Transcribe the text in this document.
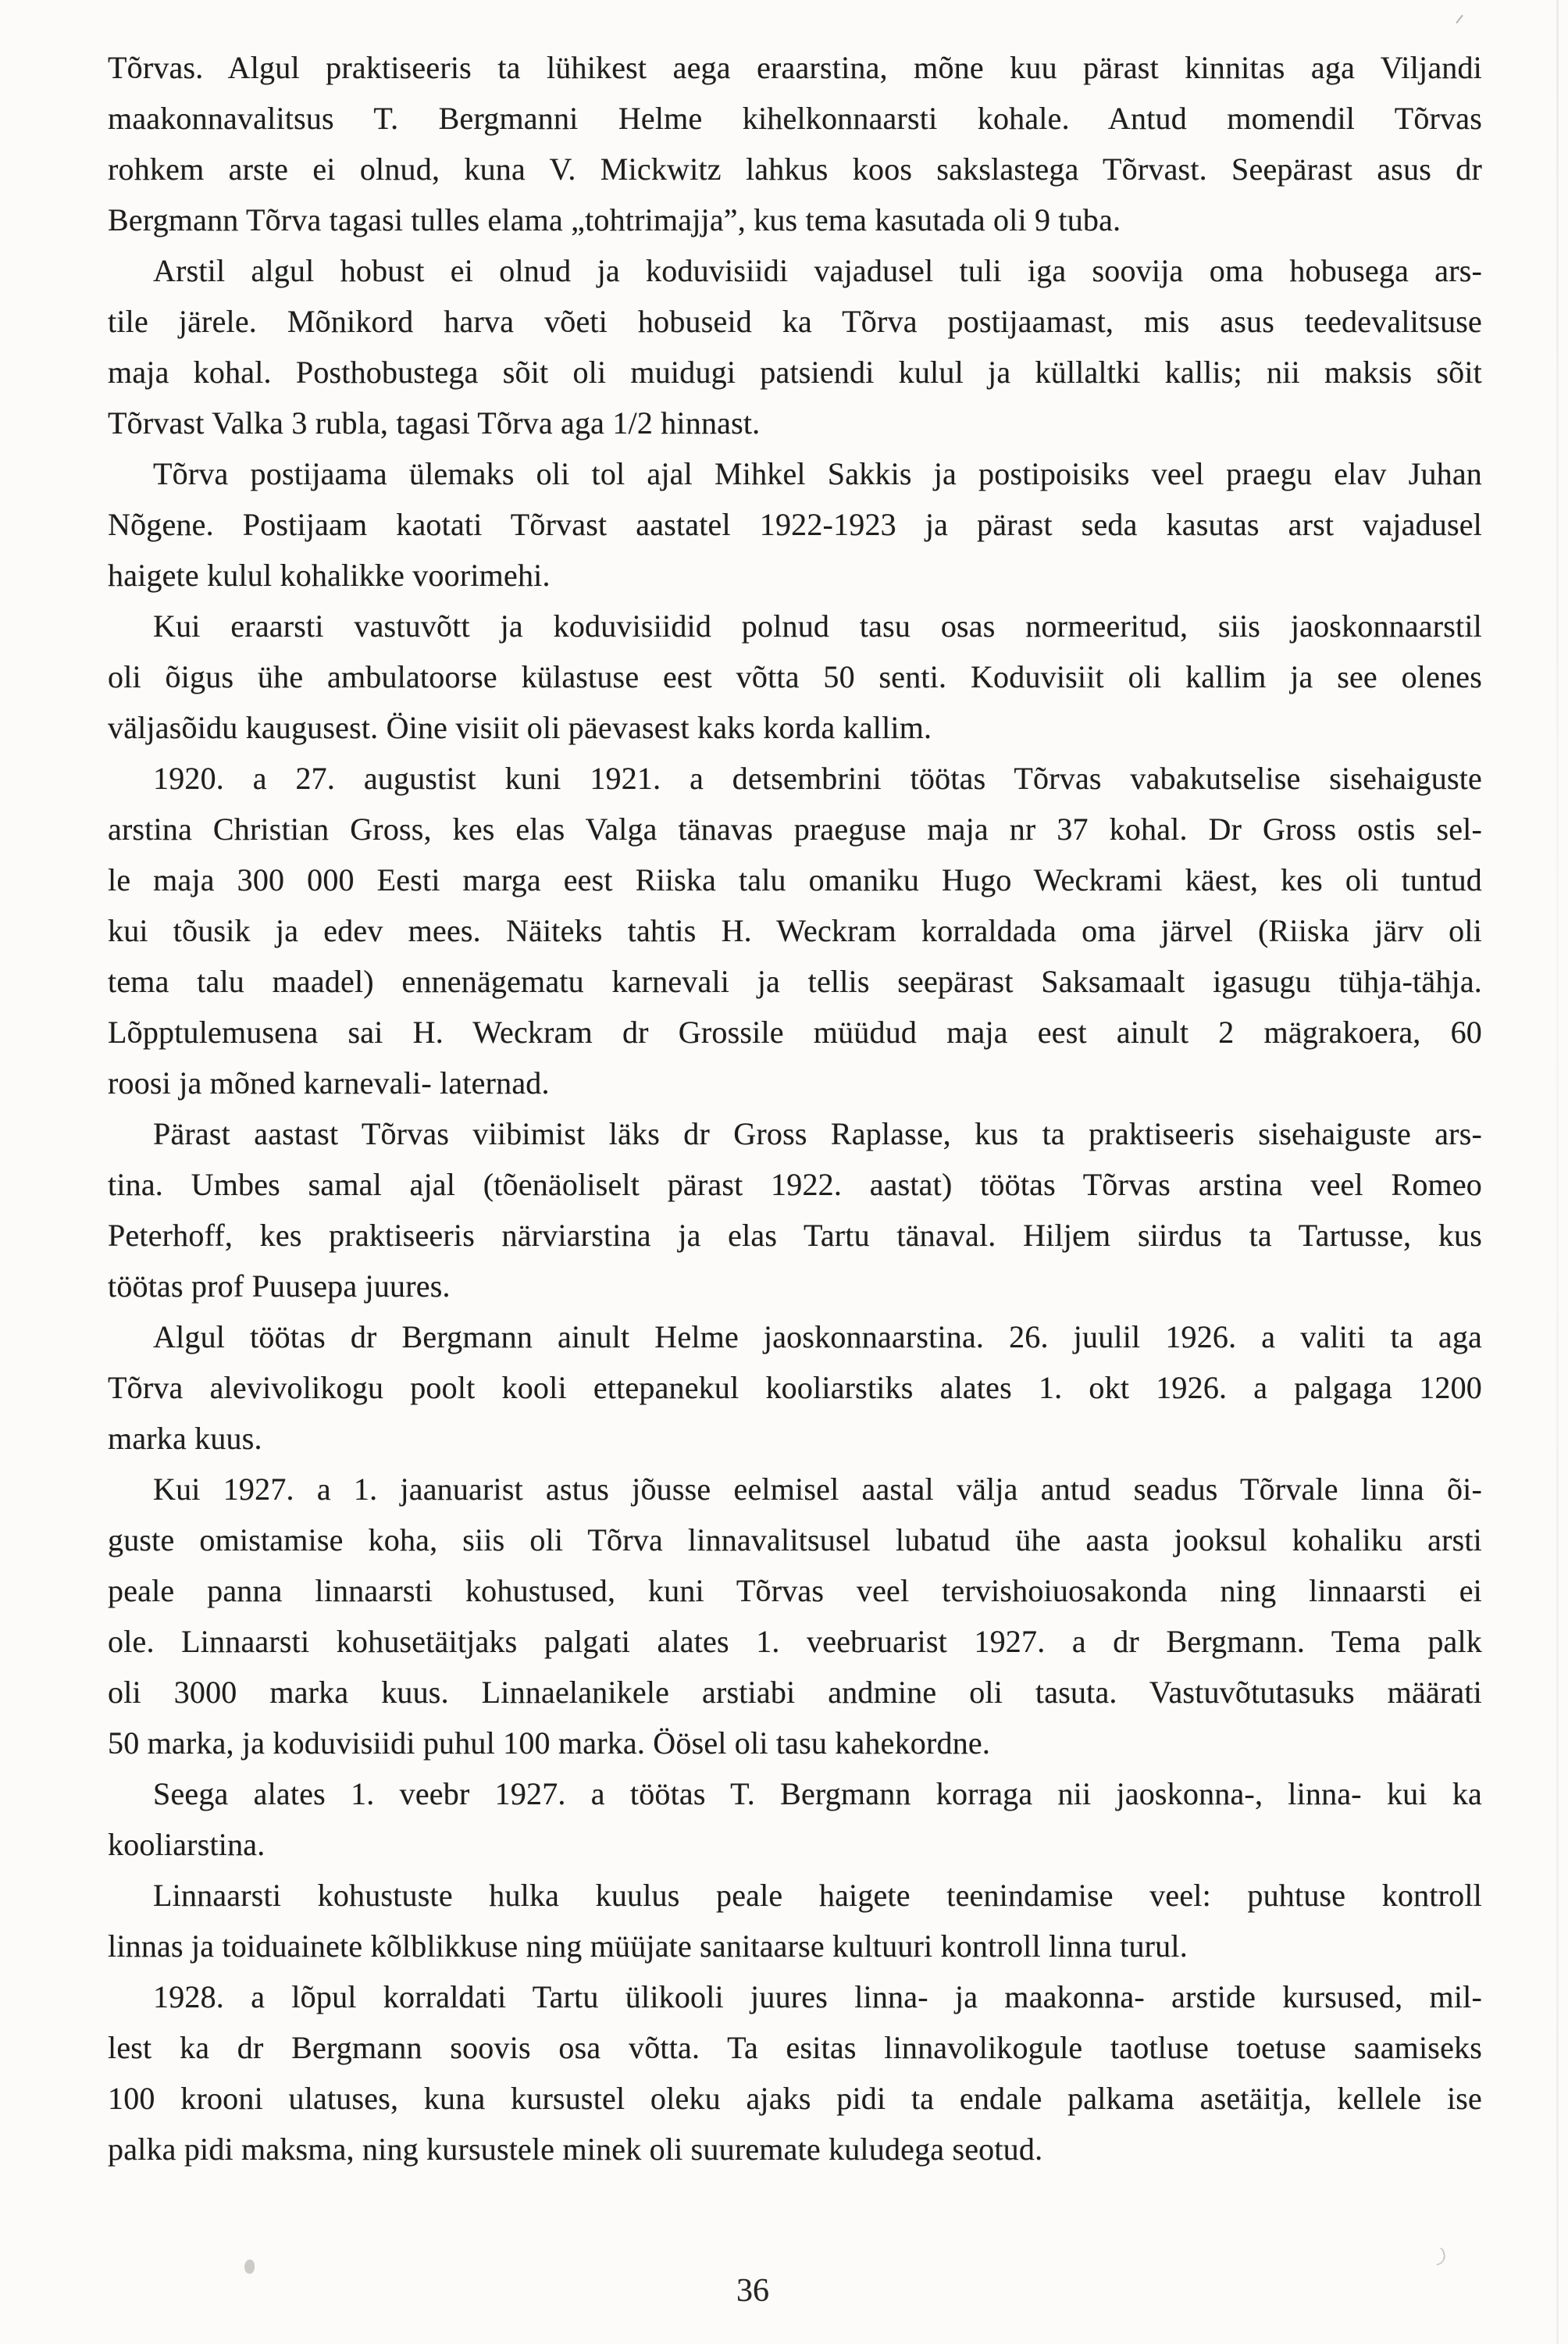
Tõrvas. Algul praktiseeris ta lühikest aega eraarstina, mõne kuu pärast kinnitas aga Viljandi
maakonnavalitsus T. Bergmanni Helme kihelkonnaarsti kohale. Antud momendil Tõrvas
rohkem arste ei olnud, kuna V. Mickwitz lahkus koos sakslastega Tõrvast. Seepärast asus dr
Bergmann Tõrva tagasi tulles elama „tohtrimajja”, kus tema kasutada oli 9 tuba.

Arstil algul hobust ei olnud ja koduvisiidi vajadusel tuli iga soovija oma hobusega ars-
tile järele. Mõnikord harva võeti hobuseid ka Tõrva postijaamast, mis asus teedevalitsuse
maja kohal. Posthobustega sõit oli muidugi patsiendi kulul ja küllaltki kallis; nii maksis sõit
Tõrvast Valka 3 rubla, tagasi Tõrva aga 1/2 hinnast.

Tõrva postijaama ülemaks oli tol ajal Mihkel Sakkis ja postipoisiks veel praegu elav Juhan
Nõgene. Postijaam kaotati Tõrvast aastatel 1922-1923 ja pärast seda kasutas arst vajadusel
haigete kulul kohalikke voorimehi.

Kui eraarsti vastuvõtt ja koduvisiidid polnud tasu osas normeeritud, siis jaoskonnaarstil
oli õigus ühe ambulatoorse külastuse eest võtta 50 senti. Koduvisiit oli kallim ja see olenes
väljasõidu kaugusest. Öine visiit oli päevasest kaks korda kallim.

1920. a 27. augustist kuni 1921. a detsembrini töötas Tõrvas vabakutselise sisehaiguste
arstina Christian Gross, kes elas Valga tänavas praeguse maja nr 37 kohal. Dr Gross ostis sel-
le maja 300 000 Eesti marga eest Riiska talu omaniku Hugo Weckrami käest, kes oli tuntud
kui tõusik ja edev mees. Näiteks tahtis H. Weckram korraldada oma järvel (Riiska järv oli
tema talu maadel) ennenägematu karnevali ja tellis seepärast Saksamaalt igasugu tühja-tähja.
Lõpptulemusena sai H. Weckram dr Grossile müüdud maja eest ainult 2 mägrakoera, 60
roosi ja mõned karnevali- laternad.

Pärast aastast Tõrvas viibimist läks dr Gross Raplasse, kus ta praktiseeris sisehaiguste ars-
tina. Umbes samal ajal (tõenäoliselt pärast 1922. aastat) töötas Tõrvas arstina veel Romeo
Peterhoff, kes praktiseeris närviarstina ja elas Tartu tänaval. Hiljem siirdus ta Tartusse, kus
töötas prof Puusepa juures.

Algul töötas dr Bergmann ainult Helme jaoskonnaarstina. 26. juulil 1926. a valiti ta aga
Tõrva alevivolikogu poolt kooli ettepanekul kooliarstiks alates 1. okt 1926. a palgaga 1200
marka kuus.

Kui 1927. a 1. jaanuarist astus jõusse eelmisel aastal välja antud seadus Tõrvale linna õi-
guste omistamise koha, siis oli Tõrva linnavalitsusel lubatud ühe aasta jooksul kohaliku arsti
peale panna linnaarsti kohustused, kuni Tõrvas veel tervishoiuosakonda ning linnaarsti ei
ole. Linnaarsti kohusetäitjaks palgati alates 1. veebruarist 1927. a dr Bergmann. Tema palk
oli 3000 marka kuus. Linnaelanikele arstiabi andmine oli tasuta. Vastuvõtutasuks määrati
50 marka, ja koduvisiidi puhul 100 marka. Öösel oli tasu kahekordne.

Seega alates 1. veebr 1927. a töötas T. Bergmann korraga nii jaoskonna-, linna- kui ka
kooliarstina.

Linnaarsti kohustuste hulka kuulus peale haigete teenindamise veel: puhtuse kontroll
linnas ja toiduainete kõlblikkuse ning müüjate sanitaarse kultuuri kontroll linna turul.

1928. a lõpul korraldati Tartu ülikooli juures linna- ja maakonna- arstide kursused, mil-
lest ka dr Bergmann soovis osa võtta. Ta esitas linnavolikogule taotluse toetuse saamiseks
100 krooni ulatuses, kuna kursustel oleku ajaks pidi ta endale palkama asetäitja, kellele ise
palka pidi maksma, ning kursustele minek oli suuremate kuludega seotud.

36
